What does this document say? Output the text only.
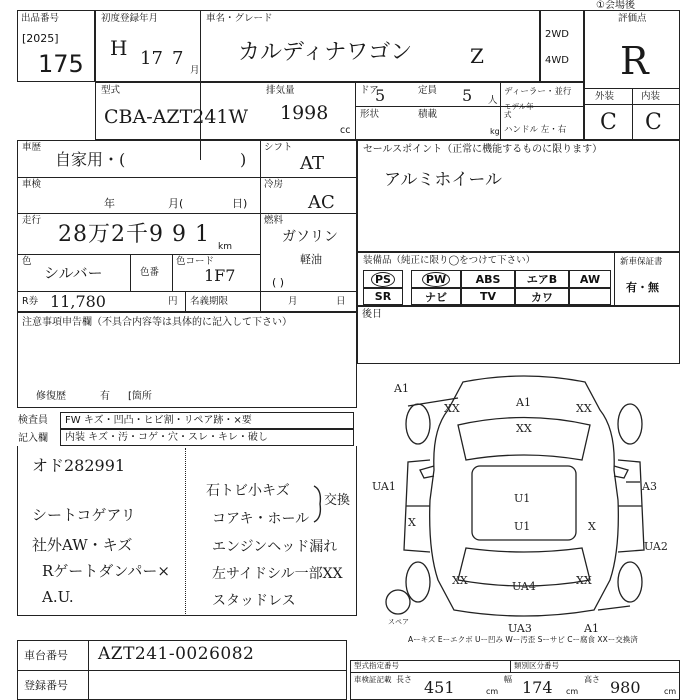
①会場後
出品番号
[2025]
175
初度登録年月
H 17 7
月
車名・グレード
カルディナワゴン	Z
2WD
4WD
評価点
R
外装	内装
C C
型式
CBA-AZT241W
排気量
1998
cc
ドア
5	定員 5 人
形状	積載
kg
ディーラー・並行
モデル年式
ハンドル 左・右
車歴
自家用・(	)
シフト
AT
車検
年	月(	日)
冷房
AC
走行
28万2千9 9 1 km
燃料
ガソリン
軽油
( )
色
シルバー	色番
色コード
1F7
R券 11,780	円 名義期限	月	日
注意事項申告欄（不具合内容等は具体的に記入して下さい）
修復歴	有 [箇所
セールスポイント（正常に機能するものに限ります）
アルミホイール
装備品（純正に限り◯をつけて下さい）
PS	PW	ABS	エアB	AW
SR	ナビ	TV	カワ
新車保証書
有・無
後日
検査員 FW キズ・凹凸・ヒビ割・リペア跡・×要
記入欄 内装 キズ・汚・コゲ・穴・スレ・キレ・破し
オド282991
シートコゲアリ
社外AW・キズ
Rゲートダンパー×
A.U.
石トビ小キズ
コアキ・ホール
エンジンヘッド漏れ
左サイドシル一部XX
スタッドレス
交換
A1
XX	A1	XX
XX
UA1
U1
A3
X	U1	X
UA2
XX	UA4	XX
UA3	A1
スペア
Aーキズ Eーエクボ Uー凹み Wー汚歪 Sーサビ Cー腐食 XXー交換済
車台番号 AZT241-0026082
登録番号
型式指定番号	類別区分番号
車検証記載 長さ 451	cm
幅 174 cm
高さ 980	cm
